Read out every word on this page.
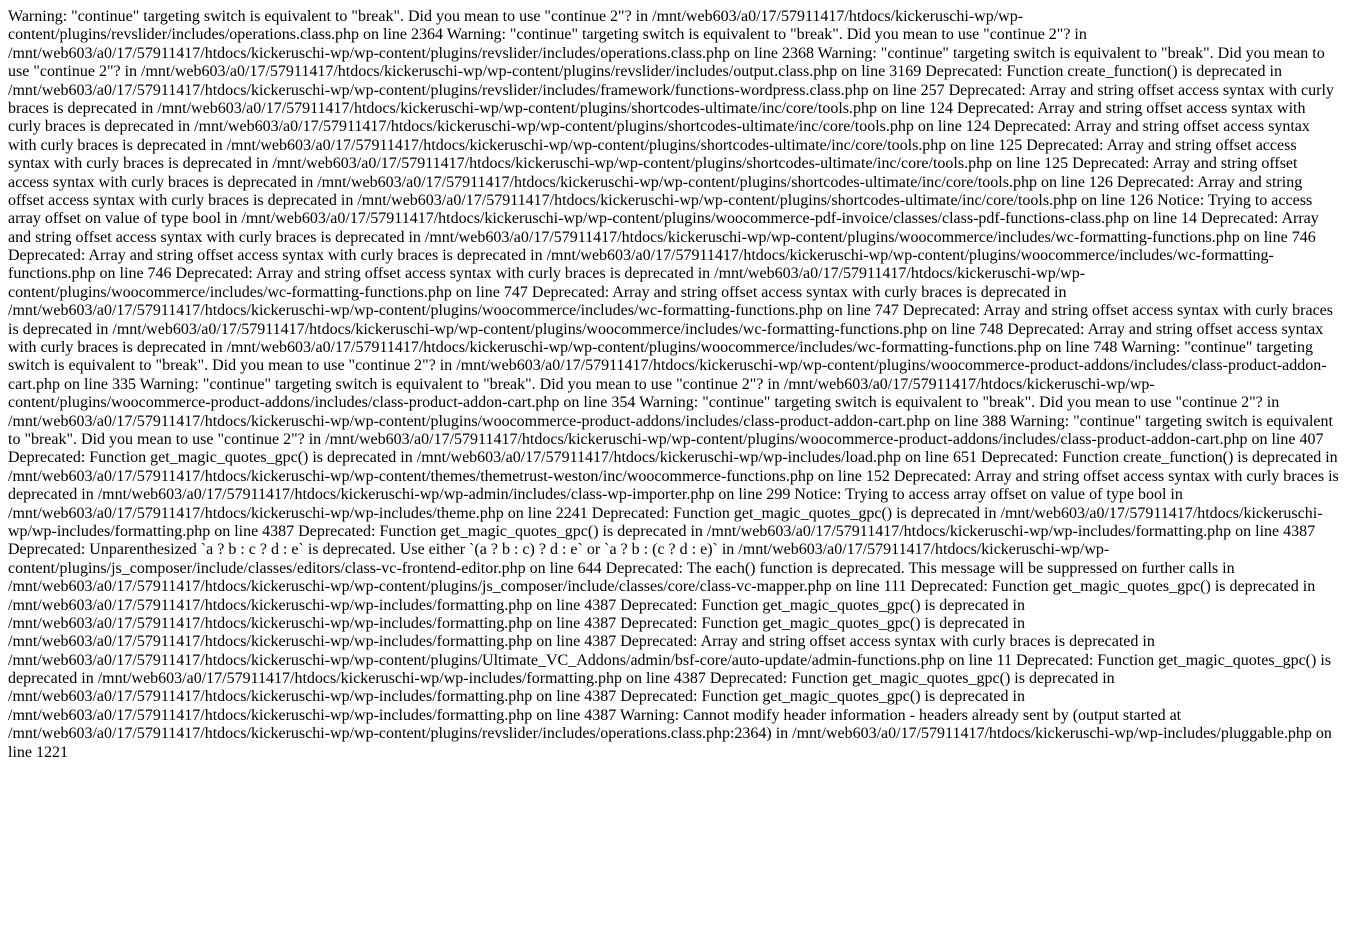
Warning: "continue" targeting switch is equivalent to "break". Did you mean to use "continue 2"? in /mnt/web603/a0/17/57911417/htdocs/kickeruschi-wp/wp-content/plugins/revslider/includes/operations.class.php on line 2364 Warning: "continue" targeting switch is equivalent to "break". Did you mean to use "continue 2"? in /mnt/web603/a0/17/57911417/htdocs/kickeruschi-wp/wp-content/plugins/revslider/includes/operations.class.php on line 2368 Warning: "continue" targeting switch is equivalent to "break". Did you mean to use "continue 2"? in /mnt/web603/a0/17/57911417/htdocs/kickeruschi-wp/wp-content/plugins/revslider/includes/output.class.php on line 3169 Deprecated: Function create_function() is deprecated in /mnt/web603/a0/17/57911417/htdocs/kickeruschi-wp/wp-content/plugins/revslider/includes/framework/functions-wordpress.class.php on line 257 Deprecated: Array and string offset access syntax with curly braces is deprecated in /mnt/web603/a0/17/57911417/htdocs/kickeruschi-wp/wp-content/plugins/shortcodes-ultimate/inc/core/tools.php on line 124 Deprecated: Array and string offset access syntax with curly braces is deprecated in /mnt/web603/a0/17/57911417/htdocs/kickeruschi-wp/wp-content/plugins/shortcodes-ultimate/inc/core/tools.php on line 124 Deprecated: Array and string offset access syntax with curly braces is deprecated in /mnt/web603/a0/17/57911417/htdocs/kickeruschi-wp/wp-content/plugins/shortcodes-ultimate/inc/core/tools.php on line 125 Deprecated: Array and string offset access syntax with curly braces is deprecated in /mnt/web603/a0/17/57911417/htdocs/kickeruschi-wp/wp-content/plugins/shortcodes-ultimate/inc/core/tools.php on line 125 Deprecated: Array and string offset access syntax with curly braces is deprecated in /mnt/web603/a0/17/57911417/htdocs/kickeruschi-wp/wp-content/plugins/shortcodes-ultimate/inc/core/tools.php on line 126 Deprecated: Array and string offset access syntax with curly braces is deprecated in /mnt/web603/a0/17/57911417/htdocs/kickeruschi-wp/wp-content/plugins/shortcodes-ultimate/inc/core/tools.php on line 126 Notice: Trying to access array offset on value of type bool in /mnt/web603/a0/17/57911417/htdocs/kickeruschi-wp/wp-content/plugins/woocommerce-pdf-invoice/classes/class-pdf-functions-class.php on line 14 Deprecated: Array and string offset access syntax with curly braces is deprecated in /mnt/web603/a0/17/57911417/htdocs/kickeruschi-wp/wp-content/plugins/woocommerce/includes/wc-formatting-functions.php on line 746 Deprecated: Array and string offset access syntax with curly braces is deprecated in /mnt/web603/a0/17/57911417/htdocs/kickeruschi-wp/wp-content/plugins/woocommerce/includes/wc-formatting-functions.php on line 746 Deprecated: Array and string offset access syntax with curly braces is deprecated in /mnt/web603/a0/17/57911417/htdocs/kickeruschi-wp/wp-content/plugins/woocommerce/includes/wc-formatting-functions.php on line 747 Deprecated: Array and string offset access syntax with curly braces is deprecated in /mnt/web603/a0/17/57911417/htdocs/kickeruschi-wp/wp-content/plugins/woocommerce/includes/wc-formatting-functions.php on line 747 Deprecated: Array and string offset access syntax with curly braces is deprecated in /mnt/web603/a0/17/57911417/htdocs/kickeruschi-wp/wp-content/plugins/woocommerce/includes/wc-formatting-functions.php on line 748 Deprecated: Array and string offset access syntax with curly braces is deprecated in /mnt/web603/a0/17/57911417/htdocs/kickeruschi-wp/wp-content/plugins/woocommerce/includes/wc-formatting-functions.php on line 748 Warning: "continue" targeting switch is equivalent to "break". Did you mean to use "continue 2"? in /mnt/web603/a0/17/57911417/htdocs/kickeruschi-wp/wp-content/plugins/woocommerce-product-addons/includes/class-product-addon-cart.php on line 335 Warning: "continue" targeting switch is equivalent to "break". Did you mean to use "continue 2"? in /mnt/web603/a0/17/57911417/htdocs/kickeruschi-wp/wp-content/plugins/woocommerce-product-addons/includes/class-product-addon-cart.php on line 354 Warning: "continue" targeting switch is equivalent to "break". Did you mean to use "continue 2"? in /mnt/web603/a0/17/57911417/htdocs/kickeruschi-wp/wp-content/plugins/woocommerce-product-addons/includes/class-product-addon-cart.php on line 388 Warning: "continue" targeting switch is equivalent to "break". Did you mean to use "continue 2"? in /mnt/web603/a0/17/57911417/htdocs/kickeruschi-wp/wp-content/plugins/woocommerce-product-addons/includes/class-product-addon-cart.php on line 407 Deprecated: Function get_magic_quotes_gpc() is deprecated in /mnt/web603/a0/17/57911417/htdocs/kickeruschi-wp/wp-includes/load.php on line 651 Deprecated: Function create_function() is deprecated in /mnt/web603/a0/17/57911417/htdocs/kickeruschi-wp/wp-content/themes/themetrust-weston/inc/woocommerce-functions.php on line 152 Deprecated: Array and string offset access syntax with curly braces is deprecated in /mnt/web603/a0/17/57911417/htdocs/kickeruschi-wp/wp-admin/includes/class-wp-importer.php on line 299 Notice: Trying to access array offset on value of type bool in /mnt/web603/a0/17/57911417/htdocs/kickeruschi-wp/wp-includes/theme.php on line 2241 Deprecated: Function get_magic_quotes_gpc() is deprecated in /mnt/web603/a0/17/57911417/htdocs/kickeruschi-wp/wp-includes/formatting.php on line 4387 Deprecated: Function get_magic_quotes_gpc() is deprecated in /mnt/web603/a0/17/57911417/htdocs/kickeruschi-wp/wp-includes/formatting.php on line 4387 Deprecated: Unparenthesized `a ? b : c ? d : e` is deprecated. Use either `(a ? b : c) ? d : e` or `a ? b : (c ? d : e)` in /mnt/web603/a0/17/57911417/htdocs/kickeruschi-wp/wp-content/plugins/js_composer/include/classes/editors/class-vc-frontend-editor.php on line 644 Deprecated: The each() function is deprecated. This message will be suppressed on further calls in /mnt/web603/a0/17/57911417/htdocs/kickeruschi-wp/wp-content/plugins/js_composer/include/classes/core/class-vc-mapper.php on line 111 Deprecated: Function get_magic_quotes_gpc() is deprecated in /mnt/web603/a0/17/57911417/htdocs/kickeruschi-wp/wp-includes/formatting.php on line 4387 Deprecated: Function get_magic_quotes_gpc() is deprecated in /mnt/web603/a0/17/57911417/htdocs/kickeruschi-wp/wp-includes/formatting.php on line 4387 Deprecated: Function get_magic_quotes_gpc() is deprecated in /mnt/web603/a0/17/57911417/htdocs/kickeruschi-wp/wp-includes/formatting.php on line 4387 Deprecated: Array and string offset access syntax with curly braces is deprecated in /mnt/web603/a0/17/57911417/htdocs/kickeruschi-wp/wp-content/plugins/Ultimate_VC_Addons/admin/bsf-core/auto-update/admin-functions.php on line 11 Deprecated: Function get_magic_quotes_gpc() is deprecated in /mnt/web603/a0/17/57911417/htdocs/kickeruschi-wp/wp-includes/formatting.php on line 4387 Deprecated: Function get_magic_quotes_gpc() is deprecated in /mnt/web603/a0/17/57911417/htdocs/kickeruschi-wp/wp-includes/formatting.php on line 4387 Deprecated: Function get_magic_quotes_gpc() is deprecated in /mnt/web603/a0/17/57911417/htdocs/kickeruschi-wp/wp-includes/formatting.php on line 4387 Warning: Cannot modify header information - headers already sent by (output started at /mnt/web603/a0/17/57911417/htdocs/kickeruschi-wp/wp-content/plugins/revslider/includes/operations.class.php:2364) in /mnt/web603/a0/17/57911417/htdocs/kickeruschi-wp/wp-includes/pluggable.php on line 1221
